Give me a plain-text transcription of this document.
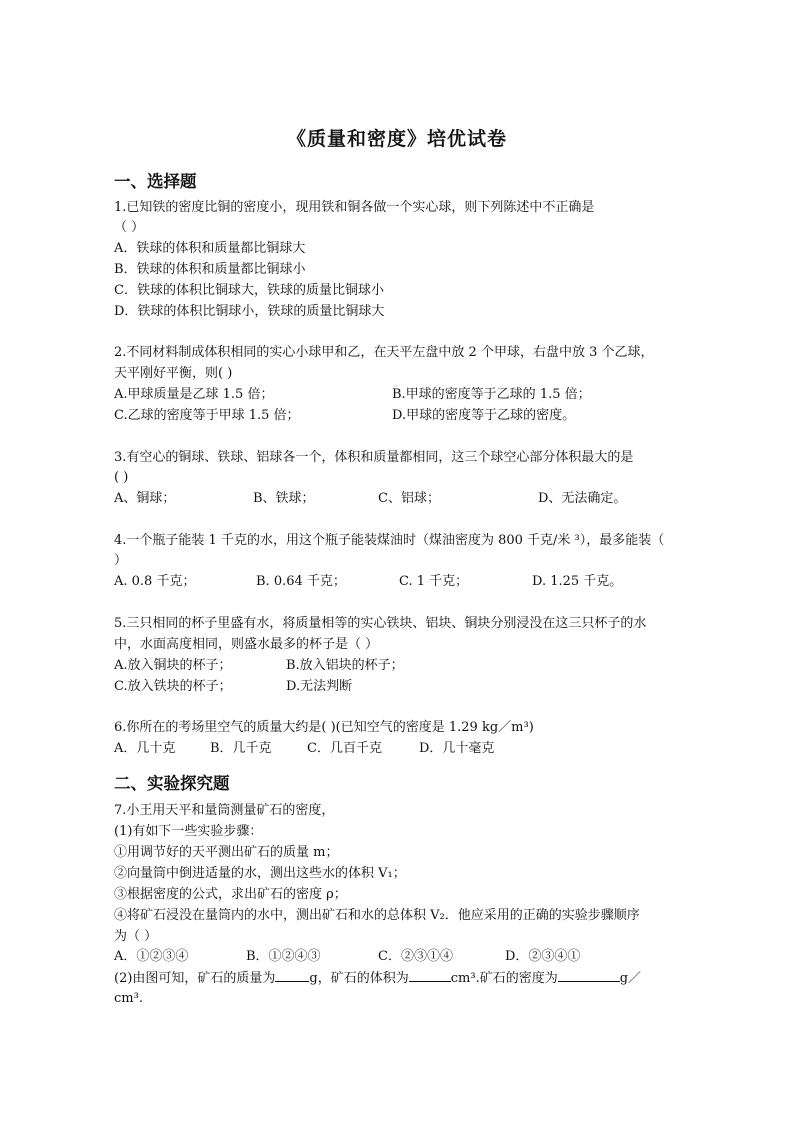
《质量和密度》培优试卷
一、选择题
1.已知铁的密度比铜的密度小，现用铁和铜各做一个实心球，则下列陈述中不正确是
（ ）
A．铁球的体积和质量都比铜球大
B．铁球的体积和质量都比铜球小
C．铁球的体积比铜球大，铁球的质量比铜球小
D．铁球的体积比铜球小，铁球的质量比铜球大
2.不同材料制成体积相同的实心小球甲和乙，在天平左盘中放 2 个甲球，右盘中放 3 个乙球，
天平刚好平衡，则( )
A.甲球质量是乙球 1.5 倍；	B.甲球的密度等于乙球的 1.5 倍；
C.乙球的密度等于甲球 1.5 倍；	D.甲球的密度等于乙球的密度。
3.有空心的铜球、铁球、铝球各一个，体积和质量都相同，这三个球空心部分体积最大的是
( )
A、铜球；	B、铁球；	C、铝球；	D、无法确定。
4.一个瓶子能装 1 千克的水，用这个瓶子能装煤油时（煤油密度为 800 千克/米 ³），最多能装（
）
A. 0.8 千克；	B. 0.64 千克；	C. 1 千克；	D. 1.25 千克。
5.三只相同的杯子里盛有水，将质量相等的实心铁块、铝块、铜块分别浸没在这三只杯子的水
中，水面高度相同，则盛水最多的杯子是（ ）
A.放入铜块的杯子；	B.放入铝块的杯子；
C.放入铁块的杯子；	D.无法判断
6.你所在的考场里空气的质量大约是( )(已知空气的密度是 1.29 kg／m³)
A．几十克	B．几千克	C．几百千克	D．几十毫克
二、实验探究题
7.小王用天平和量筒测量矿石的密度，
(1)有如下一些实验步骤：
①用调节好的天平测出矿石的质量 m；
②向量筒中倒进适量的水，测出这些水的体积 V₁；
③根据密度的公式，求出矿石的密度 ρ；
④将矿石浸没在量筒内的水中，测出矿石和水的总体积 V₂．他应采用的正确的实验步骤顺序
为（ ）
A．①②③④	B．①②④③	C．②③①④	D．②③④①
(2)由图可知，矿石的质量为	g，矿石的体积为	cm³.矿石的密度为	g／
cm³.
